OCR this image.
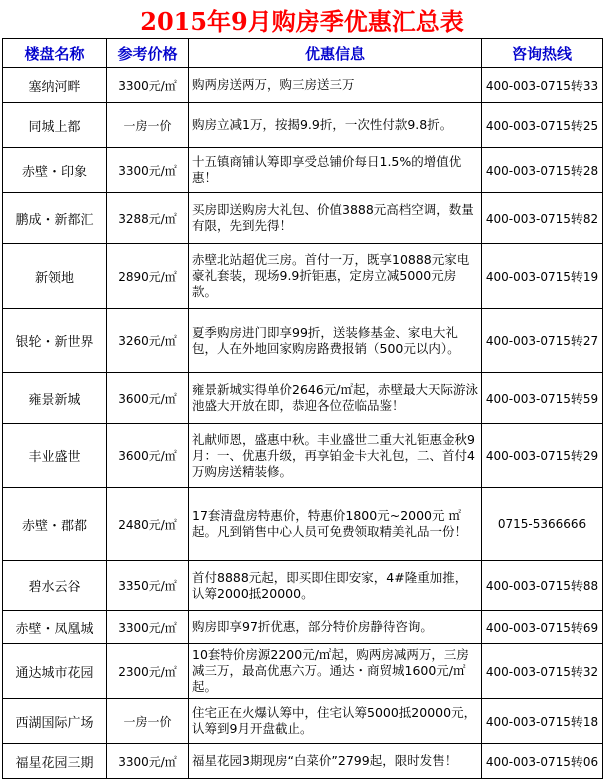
2015年9月购房季优惠汇总表
楼盘名称	参考价格	优惠信息	咨询热线
塞纳河畔	3300元/㎡	购两房送两万，购三房送三万	400-003-0715转33
同城上都	一房一价	购房立减1万，按揭9.9折，一次性付款9.8折。	400-003-0715转25
赤壁・印象	3300元/㎡	十五镇商铺认筹即享受总铺价每日1.5%的增值优惠！	400-003-0715转28
鹏成・新都汇	3288元/㎡	买房即送购房大礼包、价值3888元高档空调，数量有限，先到先得！	400-003-0715转82
新领地	2890元/㎡	赤壁北站超优三房。首付一万，既享10888元家电豪礼套装，现场9.9折钜惠，定房立减5000元房款。	400-003-0715转19
银轮・新世界	3260元/㎡	夏季购房进门即享99折，送装修基金、家电大礼包，人在外地回家购房路费报销（500元以内）。	400-003-0715转27
雍景新城	3600元/㎡	雍景新城实得单价2646元/㎡起，赤壁最大天际游泳池盛大开放在即，恭迎各位莅临品鉴！	400-003-0715转59
丰业盛世	3600元/㎡	礼献师恩，盛惠中秋。丰业盛世二重大礼钜惠金秋9月：一、优惠升级，再享铂金卡大礼包，二、首付4万购房送精装修。	400-003-0715转29
赤壁・郡都	2480元/㎡	17套清盘房特惠价，特惠价1800元~2000元 ㎡起。凡到销售中心人员可免费领取精美礼品一份！	0715-5366666
碧水云谷	3350元/㎡	首付8888元起，即买即住即安家，4#隆重加推，认筹2000抵20000。	400-003-0715转88
赤壁・凤凰城	3300元/㎡	购房即享97折优惠，部分特价房静待咨询。	400-003-0715转69
通达城市花园	2300元/㎡	10套特价房源2200元/㎡起，购两房减两万，三房减三万，最高优惠六万。通达・商贸城1600元/㎡起。	400-003-0715转32
西湖国际广场	一房一价	住宅正在火爆认筹中，住宅认筹5000抵20000元，认筹到9月开盘截止。	400-003-0715转18
福星花园三期	3300元/㎡	福星花园3期现房“白菜价”2799起，限时发售！	400-003-0715转06
